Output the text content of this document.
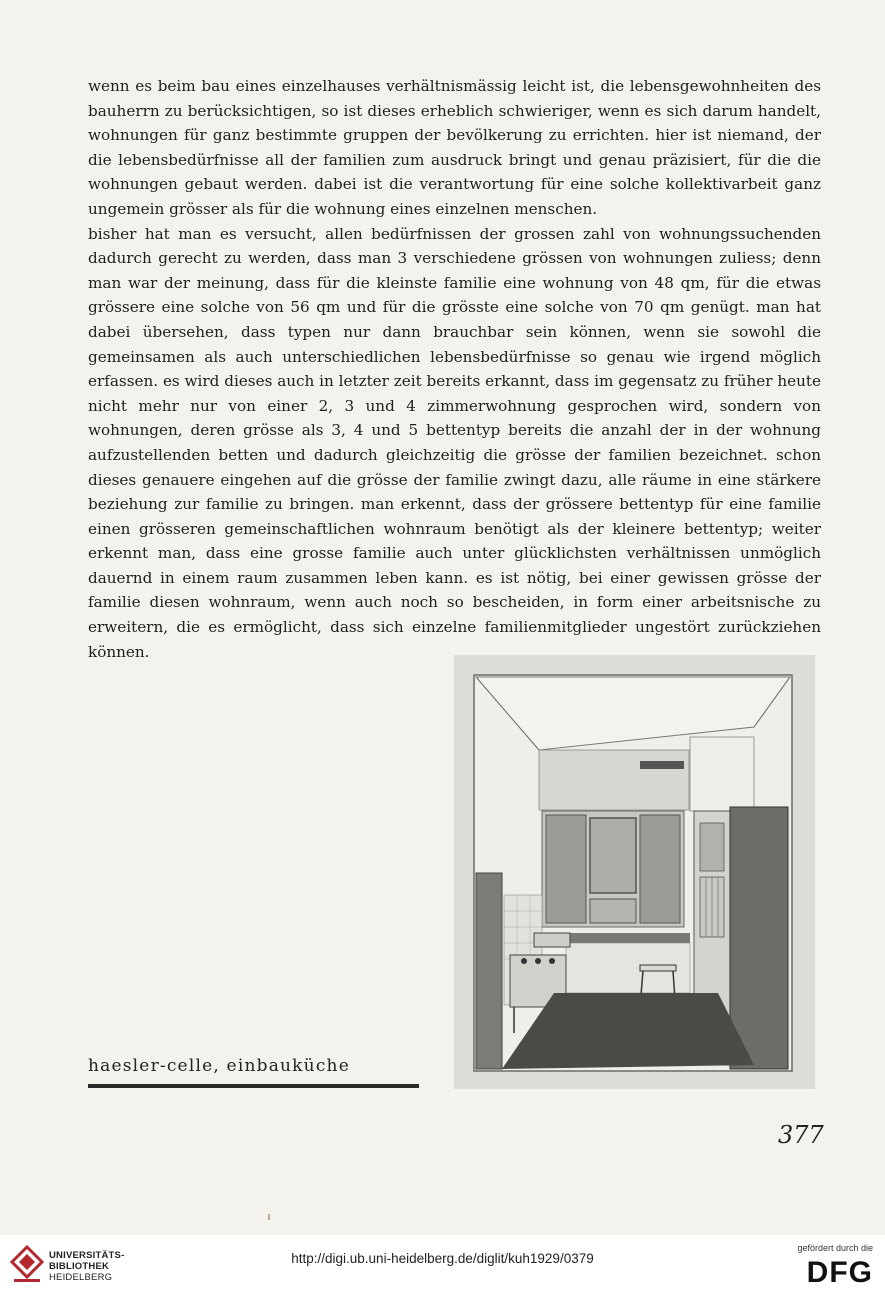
wenn es beim bau eines einzelhauses verhältnismässig leicht ist, die lebensgewohnheiten des bauherrn zu berücksichtigen, so ist dieses erheblich schwieriger, wenn es sich darum handelt, wohnungen für ganz bestimmte gruppen der bevölkerung zu errichten. hier ist niemand, der die lebensbedürfnisse all der familien zum ausdruck bringt und genau präzisiert, für die die wohnungen gebaut werden. dabei ist die verantwortung für eine solche kollektivarbeit ganz ungemein grösser als für die wohnung eines einzelnen menschen.

bisher hat man es versucht, allen bedürfnissen der grossen zahl von wohnungssuchenden dadurch gerecht zu werden, dass man 3 verschiedene grössen von wohnungen zuliess; denn man war der meinung, dass für die kleinste familie eine wohnung von 48 qm, für die etwas grössere eine solche von 56 qm und für die grösste eine solche von 70 qm genügt. man hat dabei übersehen, dass typen nur dann brauchbar sein können, wenn sie sowohl die gemeinsamen als auch unterschiedlichen lebensbedürfnisse so genau wie irgend möglich erfassen. es wird dieses auch in letzter zeit bereits erkannt, dass im gegensatz zu früher heute nicht mehr nur von einer 2, 3 und 4 zimmerwohnung gesprochen wird, sondern von wohnungen, deren grösse als 3, 4 und 5 bettentyp bereits die anzahl der in der wohnung aufzustellenden betten und dadurch gleichzeitig die grösse der familien bezeichnet. schon dieses genauere eingehen auf die grösse der familie zwingt dazu, alle räume in eine stärkere beziehung zur familie zu bringen. man erkennt, dass der grössere bettentyp für eine familie einen grösseren gemeinschaftlichen wohnraum benötigt als der kleinere bettentyp; weiter erkennt man, dass eine grosse familie auch unter glücklichsten verhältnissen unmöglich dauernd in einem raum zusammen leben kann. es ist nötig, bei einer gewissen grösse der familie diesen wohnraum, wenn auch noch so bescheiden, in form einer arbeitsnische zu erweitern, die es ermöglicht, dass sich einzelne familienmitglieder ungestört zurückziehen können.

haesler-celle, einbauküche
377
UNIVERSITÄTS-
BIBLIOTHEK
HEIDELBERG
http://digi.ub.uni-heidelberg.de/diglit/kuh1929/0379
gefördert durch die
DFG
